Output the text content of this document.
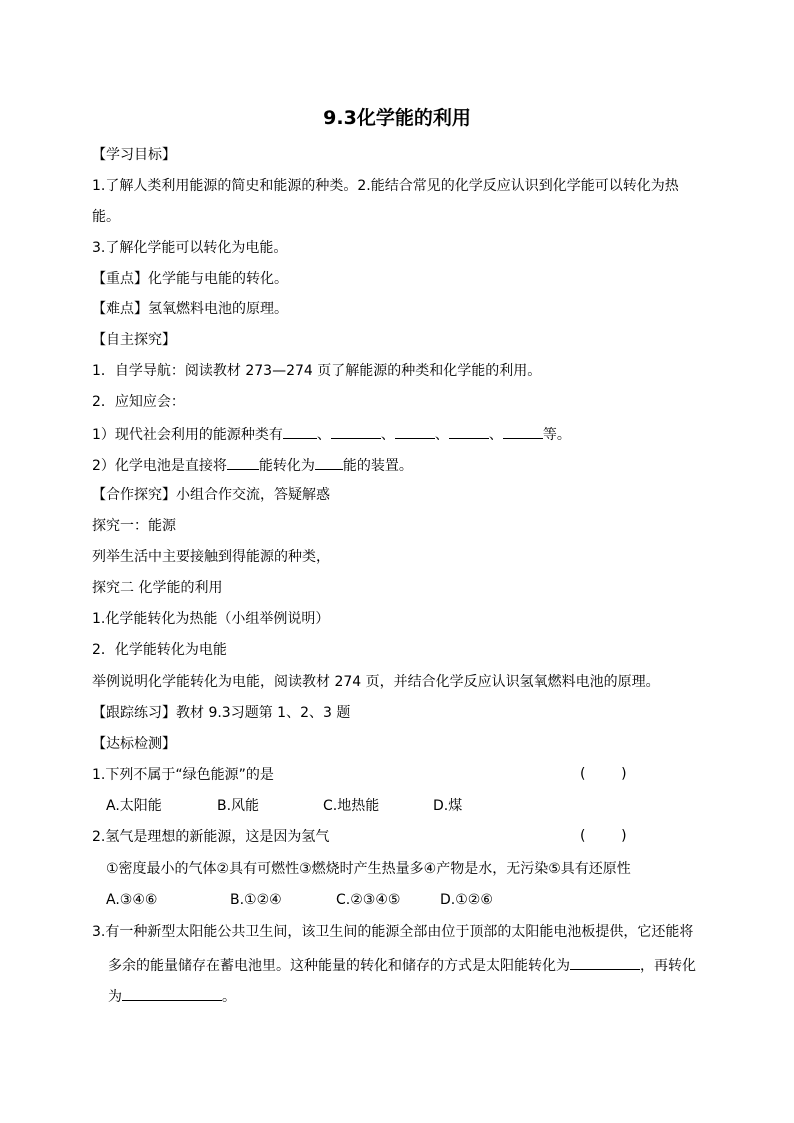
9.3化学能的利用
【学习目标】
1.了解人类利用能源的简史和能源的种类。2.能结合常见的化学反应认识到化学能可以转化为热
能。
3.了解化学能可以转化为电能。
【重点】化学能与电能的转化。
【难点】氢氧燃料电池的原理。
【自主探究】
1．自学导航：阅读教材 273—274 页了解能源的种类和化学能的利用。
2．应知应会：
1）现代社会利用的能源种类有 、	、	、	、	等。
2）化学电池是直接将 能转化为 能的装置。
【合作探究】小组合作交流，答疑解惑
探究一：能源
列举生活中主要接触到得能源的种类，
探究二 化学能的利用
1.化学能转化为热能（小组举例说明）
2．化学能转化为电能
举例说明化学能转化为电能，阅读教材 274 页，并结合化学反应认识氢氧燃料电池的原理。
【跟踪练习】教材 9.3习题第 1、2、3 题
【达标检测】
1.下列不属于“绿色能源”的是	(        )
A.太阳能	B.风能	C.地热能	D.煤
2.氢气是理想的新能源，这是因为氢气	(        )
①密度最小的气体②具有可燃性③燃烧时产生热量多④产物是水，无污染⑤具有还原性
A.③④⑥	B.①②④	C.②③④⑤	D.①②⑥
3.有一种新型太阳能公共卫生间，该卫生间的能源全部由位于顶部的太阳能电池板提供，它还能将
多余的能量储存在蓄电池里。这种能量的转化和储存的方式是太阳能转化为	，再转化
为	。
